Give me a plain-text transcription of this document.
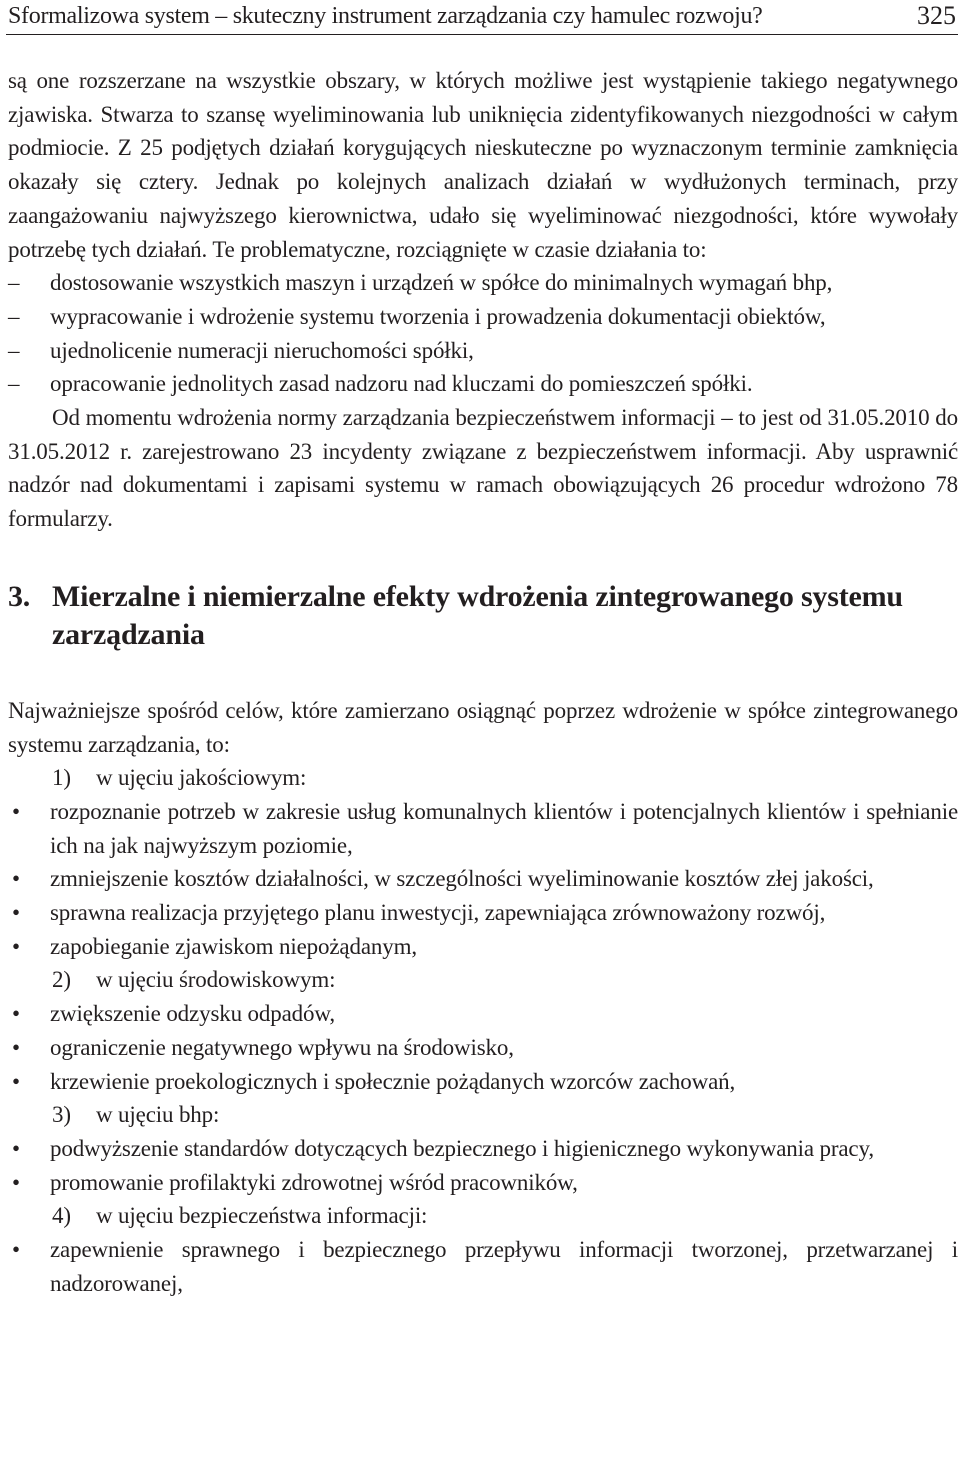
Sformalizowa system – skuteczny instrument zarządzania czy hamulec rozwoju?	325

są one rozszerzane na wszystkie obszary, w których możliwe jest wystąpienie takiego negatywnego zjawiska. Stwarza to szansę wyeliminowania lub uniknięcia zidentyfikowanych niezgodności w całym podmiocie. Z 25 podjętych działań korygujących nieskuteczne po wyznaczonym terminie zamknięcia okazały się cztery. Jednak po kolejnych analizach działań w wydłużonych terminach, przy zaangażowaniu najwyższego kierownictwa, udało się wyeliminować niezgodności, które wywołały potrzebę tych działań. Te problematyczne, rozciągnięte w czasie działania to:

– dostosowanie wszystkich maszyn i urządzeń w spółce do minimalnych wymagań bhp,
– wypracowanie i wdrożenie systemu tworzenia i prowadzenia dokumentacji obiektów,
– ujednolicenie numeracji nieruchomości spółki,
– opracowanie jednolitych zasad nadzoru nad kluczami do pomieszczeń spółki.

Od momentu wdrożenia normy zarządzania bezpieczeństwem informacji – to jest od 31.05.2010 do 31.05.2012 r. zarejestrowano 23 incydenty związane z bezpieczeństwem informacji. Aby usprawnić nadzór nad dokumentami i zapisami systemu w ramach obowiązujących 26 procedur wdrożono 78 formularzy.

3. Mierzalne i niemierzalne efekty wdrożenia zintegrowanego systemu zarządzania

Najważniejsze spośród celów, które zamierzano osiągnąć poprzez wdrożenie w spółce zintegrowanego systemu zarządzania, to:

1) w ujęciu jakościowym:

• rozpoznanie potrzeb w zakresie usług komunalnych klientów i potencjalnych klientów i spełnianie ich na jak najwyższym poziomie,
• zmniejszenie kosztów działalności, w szczególności wyeliminowanie kosztów złej jakości,
• sprawna realizacja przyjętego planu inwestycji, zapewniająca zrównoważony rozwój,
• zapobieganie zjawiskom niepożądanym,

2) w ujęciu środowiskowym:

• zwiększenie odzysku odpadów,
• ograniczenie negatywnego wpływu na środowisko,
• krzewienie proekologicznych i społecznie pożądanych wzorców zachowań,

3) w ujęciu bhp:

• podwyższenie standardów dotyczących bezpiecznego i higienicznego wykonywania pracy,
• promowanie profilaktyki zdrowotnej wśród pracowników,

4) w ujęciu bezpieczeństwa informacji:

• zapewnienie sprawnego i bezpiecznego przepływu informacji tworzonej, przetwarzanej i nadzorowanej,
